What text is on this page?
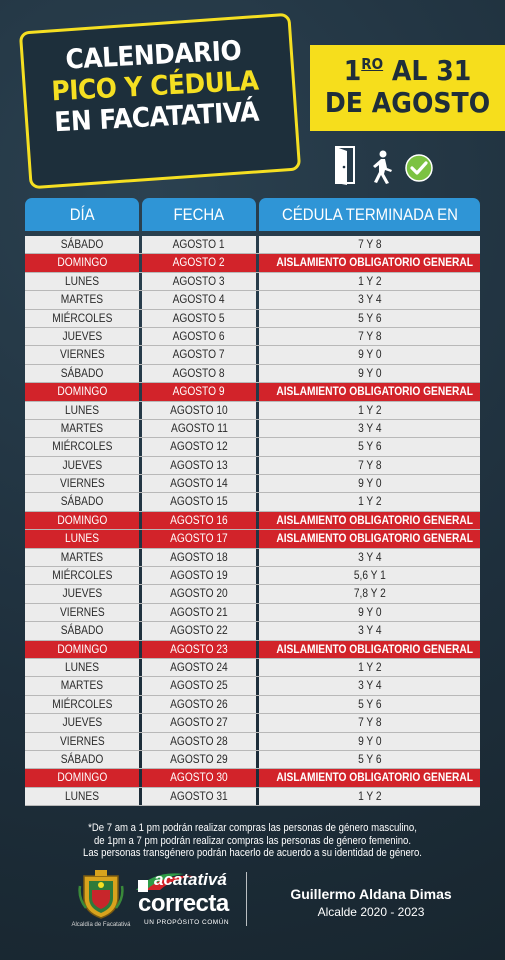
CALENDARIO
PICO Y CÉDULA
EN FACATATIVÁ
$1^{RO}$ AL 31
DE AGOSTO
DÍA	FECHA	CÉDULA TERMINADA EN
SÁBADO	AGOSTO 1	7 Y 8
DOMINGO	AGOSTO 2	AISLAMIENTO OBLIGATORIO GENERAL
LUNES	AGOSTO 3	1 Y 2
MARTES	AGOSTO 4	3 Y 4
MIÉRCOLES	AGOSTO 5	5 Y 6
JUEVES	AGOSTO 6	7 Y 8
VIERNES	AGOSTO 7	9 Y 0
SÁBADO	AGOSTO 8	9 Y 0
DOMINGO	AGOSTO 9	AISLAMIENTO OBLIGATORIO GENERAL
LUNES	AGOSTO 10	1 Y 2
MARTES	AGOSTO 11	3 Y 4
MIÉRCOLES	AGOSTO 12	5 Y 6
JUEVES	AGOSTO 13	7 Y 8
VIERNES	AGOSTO 14	9 Y 0
SÁBADO	AGOSTO 15	1 Y 2
DOMINGO	AGOSTO 16	AISLAMIENTO OBLIGATORIO GENERAL
LUNES	AGOSTO 17	AISLAMIENTO OBLIGATORIO GENERAL
MARTES	AGOSTO 18	3 Y 4
MIÉRCOLES	AGOSTO 19	5,6 Y 1
JUEVES	AGOSTO 20	7,8 Y 2
VIERNES	AGOSTO 21	9 Y 0
SÁBADO	AGOSTO 22	3 Y 4
DOMINGO	AGOSTO 23	AISLAMIENTO OBLIGATORIO GENERAL
LUNES	AGOSTO 24	1 Y 2
MARTES	AGOSTO 25	3 Y 4
MIÉRCOLES	AGOSTO 26	5 Y 6
JUEVES	AGOSTO 27	7 Y 8
VIERNES	AGOSTO 28	9 Y 0
SÁBADO	AGOSTO 29	5 Y 6
DOMINGO	AGOSTO 30	AISLAMIENTO OBLIGATORIO GENERAL
LUNES	AGOSTO 31	1 Y 2
*De 7 am a 1 pm podrán realizar compras las personas de género masculino,
de 1pm a 7 pm podrán realizar compras las personas de género femenino.
Las personas transgénero podrán hacerlo de acuerdo a su identidad de género.
Alcaldía de Facatativá
acatativá
correcta
UN PROPÓSITO COMÚN
Guillermo Aldana Dimas
Alcalde 2020 - 2023
